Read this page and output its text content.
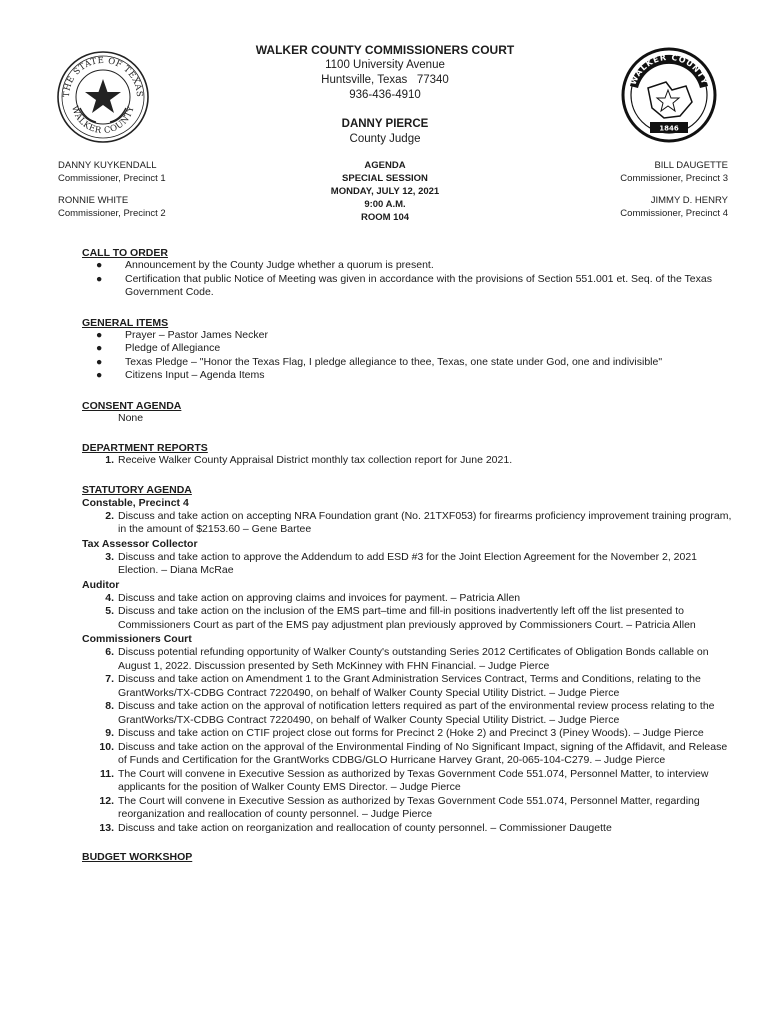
THE STATE OF TEXAS
WALKER COUNTY
WALKER COUNTY
1846
WALKER COUNTY COMMISSIONERS COURT
1100 University Avenue
Huntsville, Texas   77340
936-436-4910
DANNY PIERCE
County Judge
DANNY KUYKENDALL
Commissioner, Precinct 1
RONNIE WHITE
Commissioner, Precinct 2
AGENDA
SPECIAL SESSION
MONDAY, JULY 12, 2021
9:00 A.M.
ROOM 104
BILL DAUGETTE
Commissioner, Precinct 3
JIMMY D. HENRY
Commissioner, Precinct 4
CALL TO ORDER
● Announcement by the County Judge whether a quorum is present.
● Certification that public Notice of Meeting was given in accordance with the provisions of Section 551.001 et. Seq. of the Texas Government Code.
GENERAL ITEMS
● Prayer – Pastor James Necker
● Pledge of Allegiance
● Texas Pledge – "Honor the Texas Flag, I pledge allegiance to thee, Texas, one state under God, one and indivisible"
● Citizens Input – Agenda Items
CONSENT AGENDA
None
DEPARTMENT REPORTS
1. Receive Walker County Appraisal District monthly tax collection report for June 2021.
STATUTORY AGENDA
Constable, Precinct 4
2. Discuss and take action on accepting NRA Foundation grant (No. 21TXF053) for firearms proficiency improvement training program, in the amount of $2153.60 – Gene Bartee
Tax Assessor Collector
3. Discuss and take action to approve the Addendum to add ESD #3 for the Joint Election Agreement for the November 2, 2021 Election. – Diana McRae
Auditor
4. Discuss and take action on approving claims and invoices for payment. – Patricia Allen
5. Discuss and take action on the inclusion of the EMS part–time and fill-in positions inadvertently left off the list presented to Commissioners Court as part of the EMS pay adjustment plan previously approved by Commissioners Court. – Patricia Allen
Commissioners Court
6. Discuss potential refunding opportunity of Walker County's outstanding Series 2012 Certificates of Obligation Bonds callable on August 1, 2022. Discussion presented by Seth McKinney with FHN Financial. – Judge Pierce
7. Discuss and take action on Amendment 1 to the Grant Administration Services Contract, Terms and Conditions, relating to the GrantWorks/TX-CDBG Contract 7220490, on behalf of Walker County Special Utility District. – Judge Pierce
8. Discuss and take action on the approval of notification letters required as part of the environmental review process relating to the GrantWorks/TX-CDBG Contract 7220490, on behalf of Walker County Special Utility District. – Judge Pierce
9. Discuss and take action on CTIF project close out forms for Precinct 2 (Hoke 2) and Precinct 3 (Piney Woods). – Judge Pierce
10. Discuss and take action on the approval of the Environmental Finding of No Significant Impact, signing of the Affidavit, and Release of Funds and Certification for the GrantWorks CDBG/GLO Hurricane Harvey Grant, 20-065-104-C279. – Judge Pierce
11. The Court will convene in Executive Session as authorized by Texas Government Code 551.074, Personnel Matter, to interview applicants for the position of Walker County EMS Director. – Judge Pierce
12. The Court will convene in Executive Session as authorized by Texas Government Code 551.074, Personnel Matter, regarding reorganization and reallocation of county personnel. – Judge Pierce
13. Discuss and take action on reorganization and reallocation of county personnel. – Commissioner Daugette
BUDGET WORKSHOP
